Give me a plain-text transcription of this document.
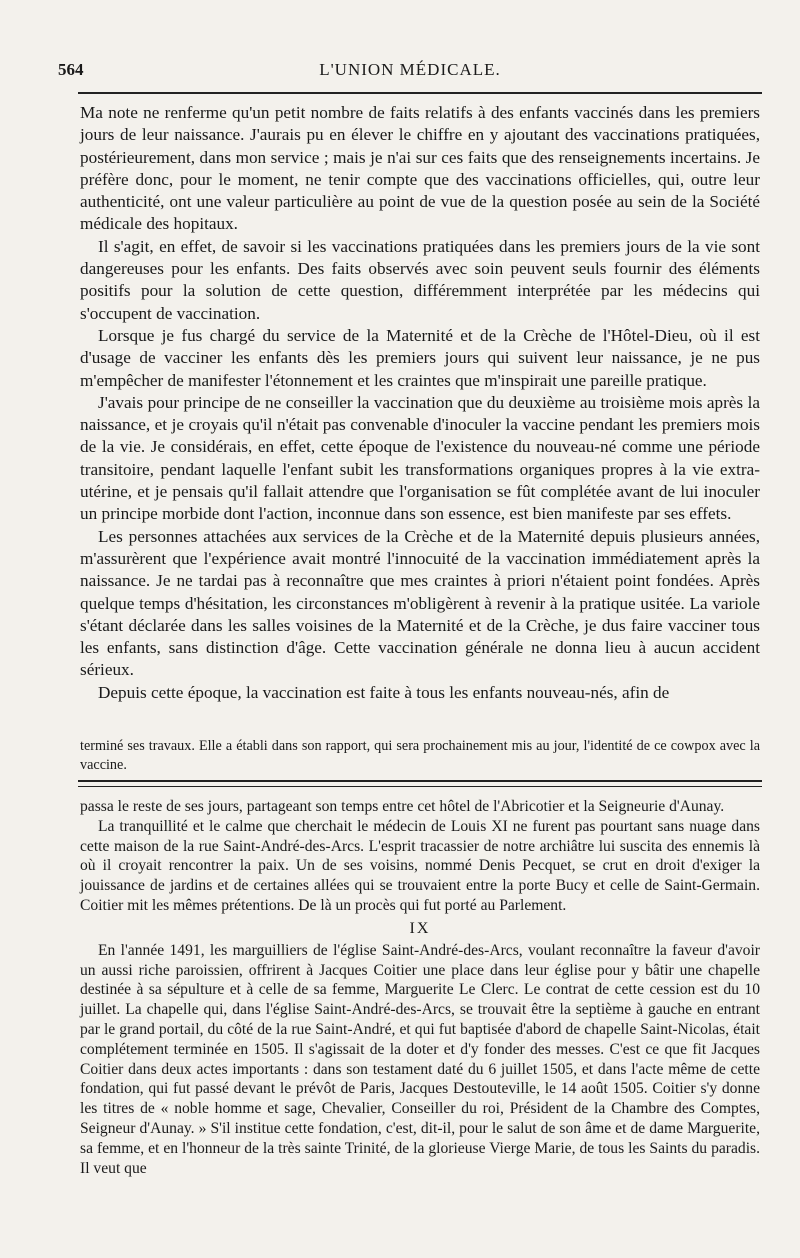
564	L'UNION MÉDICALE.

Ma note ne renferme qu'un petit nombre de faits relatifs à des enfants vaccinés dans les premiers jours de leur naissance. J'aurais pu en élever le chiffre en y ajoutant des vaccinations pratiquées, postérieurement, dans mon service ; mais je n'ai sur ces faits que des renseignements incertains. Je préfère donc, pour le moment, ne tenir compte que des vaccinations officielles, qui, outre leur authenticité, ont une valeur particulière au point de vue de la question posée au sein de la Société médicale des hopitaux.

Il s'agit, en effet, de savoir si les vaccinations pratiquées dans les premiers jours de la vie sont dangereuses pour les enfants. Des faits observés avec soin peuvent seuls fournir des éléments positifs pour la solution de cette question, différemment interprétée par les médecins qui s'occupent de vaccination.

Lorsque je fus chargé du service de la Maternité et de la Crèche de l'Hôtel-Dieu, où il est d'usage de vacciner les enfants dès les premiers jours qui suivent leur naissance, je ne pus m'empêcher de manifester l'étonnement et les craintes que m'inspirait une pareille pratique.

J'avais pour principe de ne conseiller la vaccination que du deuxième au troisième mois après la naissance, et je croyais qu'il n'était pas convenable d'inoculer la vaccine pendant les premiers mois de la vie. Je considérais, en effet, cette époque de l'existence du nouveau-né comme une période transitoire, pendant laquelle l'enfant subit les transformations organiques propres à la vie extra-utérine, et je pensais qu'il fallait attendre que l'organisation se fût complétée avant de lui inoculer un principe morbide dont l'action, inconnue dans son essence, est bien manifeste par ses effets.

Les personnes attachées aux services de la Crèche et de la Maternité depuis plusieurs années, m'assurèrent que l'expérience avait montré l'innocuité de la vaccination immédiatement après la naissance. Je ne tardai pas à reconnaître que mes craintes à priori n'étaient point fondées. Après quelque temps d'hésitation, les circonstances m'obligèrent à revenir à la pratique usitée. La variole s'étant déclarée dans les salles voisines de la Maternité et de la Crèche, je dus faire vacciner tous les enfants, sans distinction d'âge. Cette vaccination générale ne donna lieu à aucun accident sérieux.

Depuis cette époque, la vaccination est faite à tous les enfants nouveau-nés, afin de

terminé ses travaux. Elle a établi dans son rapport, qui sera prochainement mis au jour, l'identité de ce cowpox avec la vaccine.

passa le reste de ses jours, partageant son temps entre cet hôtel de l'Abricotier et la Seigneurie d'Aunay.

La tranquillité et le calme que cherchait le médecin de Louis XI ne furent pas pourtant sans nuage dans cette maison de la rue Saint-André-des-Arcs. L'esprit tracassier de notre archiâtre lui suscita des ennemis là où il croyait rencontrer la paix. Un de ses voisins, nommé Denis Pecquet, se crut en droit d'exiger la jouissance de jardins et de certaines allées qui se trouvaient entre la porte Bucy et celle de Saint-Germain. Coitier mit les mêmes prétentions. De là un procès qui fut porté au Parlement.

IX

En l'année 1491, les marguilliers de l'église Saint-André-des-Arcs, voulant reconnaître la faveur d'avoir un aussi riche paroissien, offrirent à Jacques Coitier une place dans leur église pour y bâtir une chapelle destinée à sa sépulture et à celle de sa femme, Marguerite Le Clerc. Le contrat de cette cession est du 10 juillet. La chapelle qui, dans l'église Saint-André-des-Arcs, se trouvait être la septième à gauche en entrant par le grand portail, du côté de la rue Saint-André, et qui fut baptisée d'abord de chapelle Saint-Nicolas, était complétement terminée en 1505. Il s'agissait de la doter et d'y fonder des messes. C'est ce que fit Jacques Coitier dans deux actes importants : dans son testament daté du 6 juillet 1505, et dans l'acte même de cette fondation, qui fut passé devant le prévôt de Paris, Jacques Destouteville, le 14 août 1505. Coitier s'y donne les titres de « noble homme et sage, Chevalier, Conseiller du roi, Président de la Chambre des Comptes, Seigneur d'Aunay. » S'il institue cette fondation, c'est, dit-il, pour le salut de son âme et de dame Marguerite, sa femme, et en l'honneur de la très sainte Trinité, de la glorieuse Vierge Marie, de tous les Saints du paradis. Il veut que
